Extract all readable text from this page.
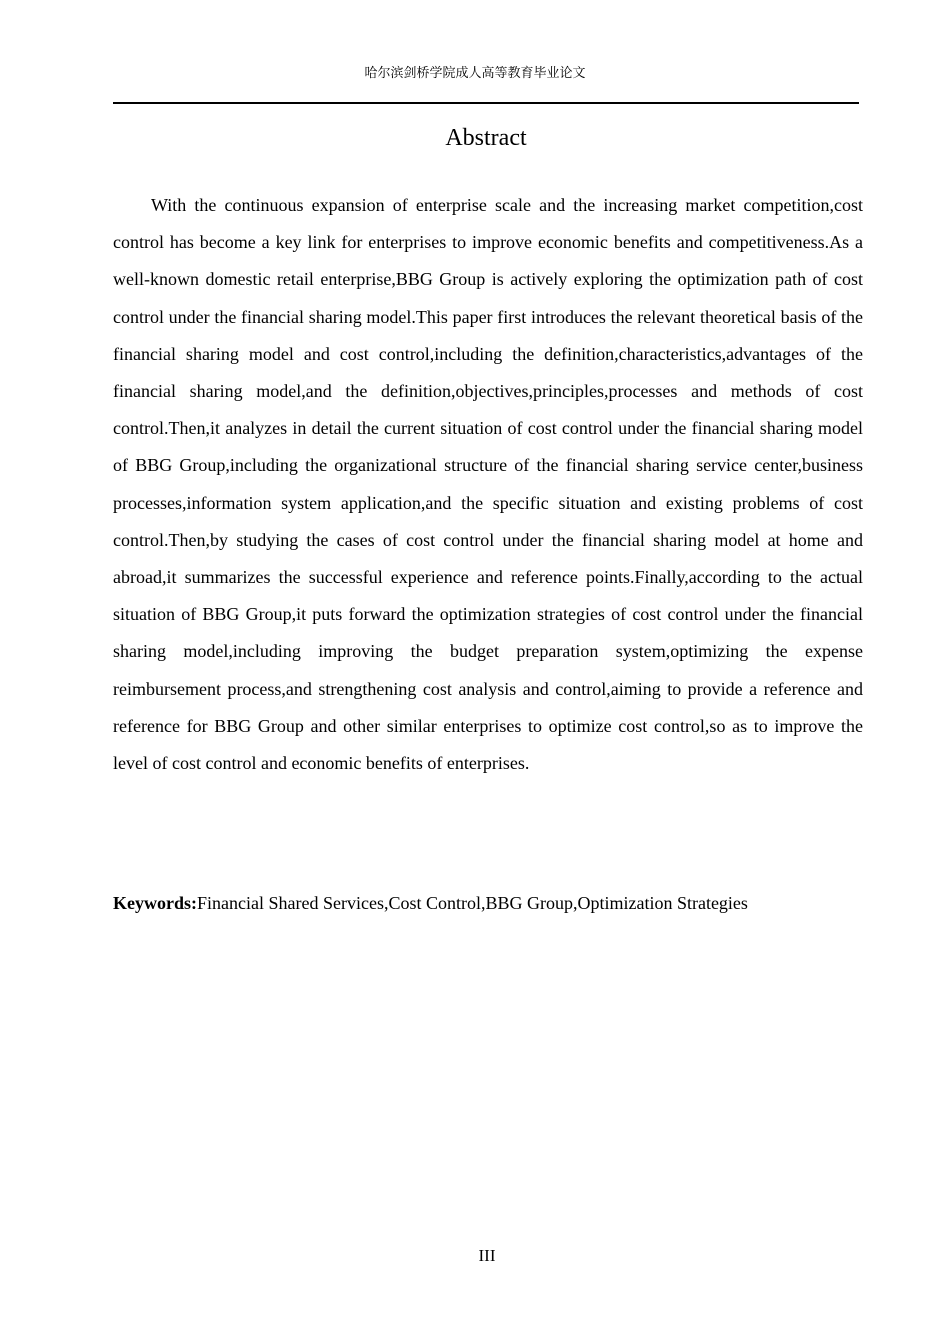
哈尔滨剑桥学院成人高等教育毕业论文
Abstract

With the continuous expansion of enterprise scale and the increasing market competition,cost control has become a key link for enterprises to improve economic benefits and competitiveness.As a well-known domestic retail enterprise,BBG Group is actively exploring the optimization path of cost control under the financial sharing model.This paper first introduces the relevant theoretical basis of the financial sharing model and cost control,including the definition,characteristics,advantages of the financial sharing model,and the definition,objectives,principles,processes and methods of cost control.Then,it analyzes in detail the current situation of cost control under the financial sharing model of BBG Group,including the organizational structure of the financial sharing service center,business processes,information system application,and the specific situation and existing problems of cost control.Then,by studying the cases of cost control under the financial sharing model at home and abroad,it summarizes the successful experience and reference points.Finally,according to the actual situation of BBG Group,it puts forward the optimization strategies of cost control under the financial sharing model,including improving the budget preparation system,optimizing the expense reimbursement process,and strengthening cost analysis and control,aiming to provide a reference and reference for BBG Group and other similar enterprises to optimize cost control,so as to improve the level of cost control and economic benefits of enterprises.

Keywords:Financial Shared Services,Cost Control,BBG Group,Optimization Strategies

III
